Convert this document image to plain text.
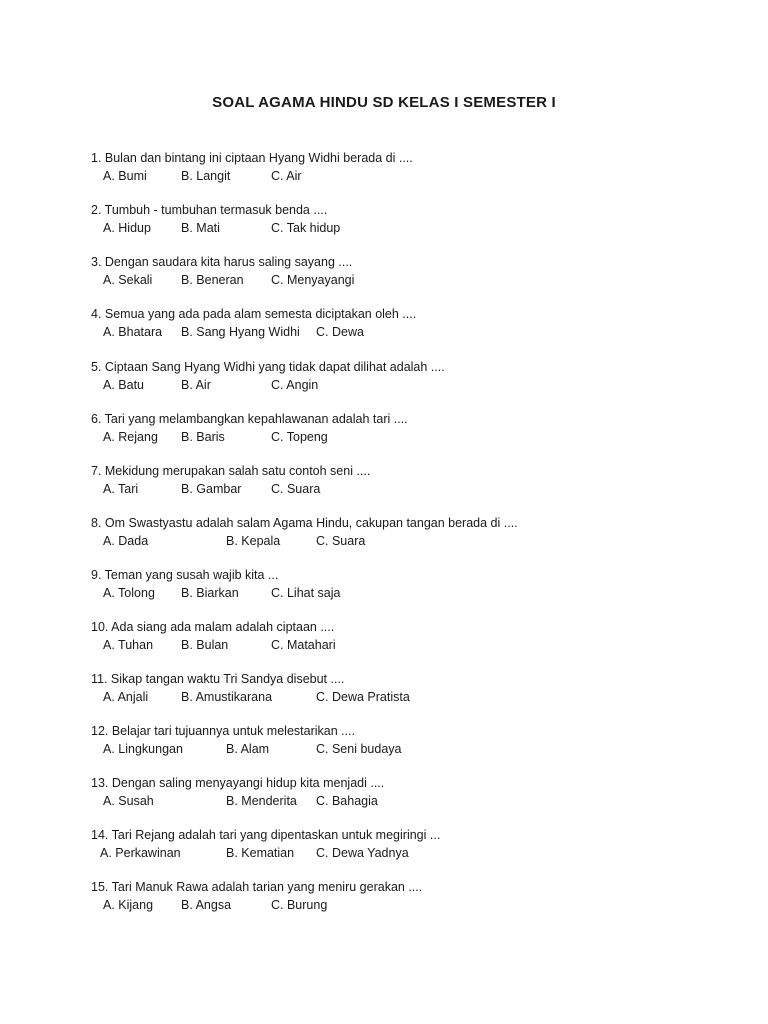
SOAL AGAMA HINDU SD KELAS I SEMESTER I
1. Bulan dan bintang ini ciptaan Hyang Widhi berada di ....
A. Bumi	B. Langit	C. Air
2. Tumbuh - tumbuhan termasuk benda ....
A. Hidup B. Mati	C. Tak hidup
3. Dengan saudara kita harus saling sayang ....
A. Sekali B. Beneran C. Menyayangi
4. Semua yang ada pada alam semesta diciptakan oleh ....
A. Bhatara B. Sang Hyang Widhi C. Dewa
5. Ciptaan Sang Hyang Widhi yang tidak dapat dilihat adalah ....
A. Batu	B. Air	C. Angin
6. Tari yang melambangkan kepahlawanan adalah tari ....
A. Rejang B. Baris	C. Topeng
7. Mekidung merupakan salah satu contoh seni ....
A. Tari	B. Gambar C. Suara
8. Om Swastyastu adalah salam Agama Hindu, cakupan tangan berada di ....
A. Dada	B. Kepala	C. Suara
9. Teman yang susah wajib kita ...
A. Tolong B. Biarkan	C. Lihat saja
10. Ada siang ada malam adalah ciptaan ....
A. Tuhan B. Bulan	C. Matahari
11. Sikap tangan waktu Tri Sandya disebut ....
A. Anjali	B. Amustikarana	C. Dewa Pratista
12. Belajar tari tujuannya untuk melestarikan ....
A. Lingkungan	B. Alam	C. Seni budaya
13. Dengan saling menyayangi hidup kita menjadi ....
A. Susah	B. Menderita C. Bahagia
14. Tari Rejang adalah tari yang dipentaskan untuk megiringi ...
A. Perkawinan	B. Kematian C. Dewa Yadnya
15. Tari Manuk Rawa adalah tarian yang meniru gerakan ....
A. Kijang B. Angsa	C. Burung
